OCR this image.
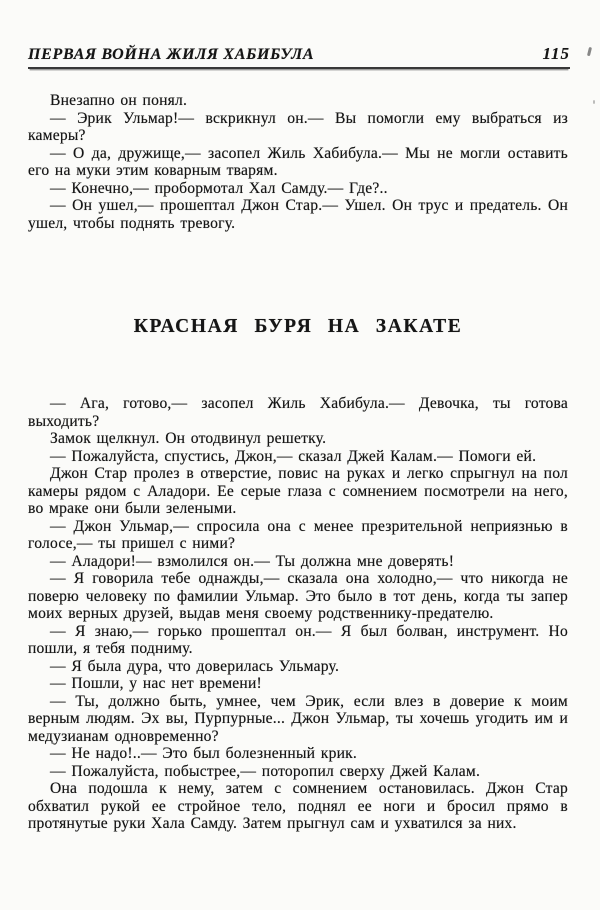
ПЕРВАЯ ВОЙНА ЖИЛЯ ХАБИБУЛА	115

Внезапно он понял.

— Эрик Ульмар!— вскрикнул он.— Вы помогли ему выбраться из камеры?

— О да, дружище,— засопел Жиль Хабибула.— Мы не могли оставить его на муки этим коварным тварям.

— Конечно,— пробормотал Хал Самду.— Где?..

— Он ушел,— прошептал Джон Стар.— Ушел. Он трус и предатель. Он ушел, чтобы поднять тревогу.

КРАСНАЯ БУРЯ НА ЗАКАТЕ

— Ага, готово,— засопел Жиль Хабибула.— Девочка, ты готова выходить?

Замок щелкнул. Он отодвинул решетку.

— Пожалуйста, спустись, Джон,— сказал Джей Калам.— Помоги ей.

Джон Стар пролез в отверстие, повис на руках и легко спрыгнул на пол камеры рядом с Аладори. Ее серые глаза с сомнением посмотрели на него, во мраке они были зелеными.

— Джон Ульмар,— спросила она с менее презрительной неприязнью в голосе,— ты пришел с ними?

— Аладори!— взмолился он.— Ты должна мне доверять!

— Я говорила тебе однажды,— сказала она холодно,— что никогда не поверю человеку по фамилии Ульмар. Это было в тот день, когда ты запер моих верных друзей, выдав меня своему родственнику-предателю.

— Я знаю,— горько прошептал он.— Я был болван, инструмент. Но пошли, я тебя подниму.

— Я была дура, что доверилась Ульмару.

— Пошли, у нас нет времени!

— Ты, должно быть, умнее, чем Эрик, если влез в доверие к моим верным людям. Эх вы, Пурпурные... Джон Ульмар, ты хочешь угодить им и медузианам одновременно?

— Не надо!..— Это был болезненный крик.

— Пожалуйста, побыстрее,— поторопил сверху Джей Калам.

Она подошла к нему, затем с сомнением остановилась. Джон Стар обхватил рукой ее стройное тело, поднял ее ноги и бросил прямо в протянутые руки Хала Самду. Затем прыгнул сам и ухватился за них.
